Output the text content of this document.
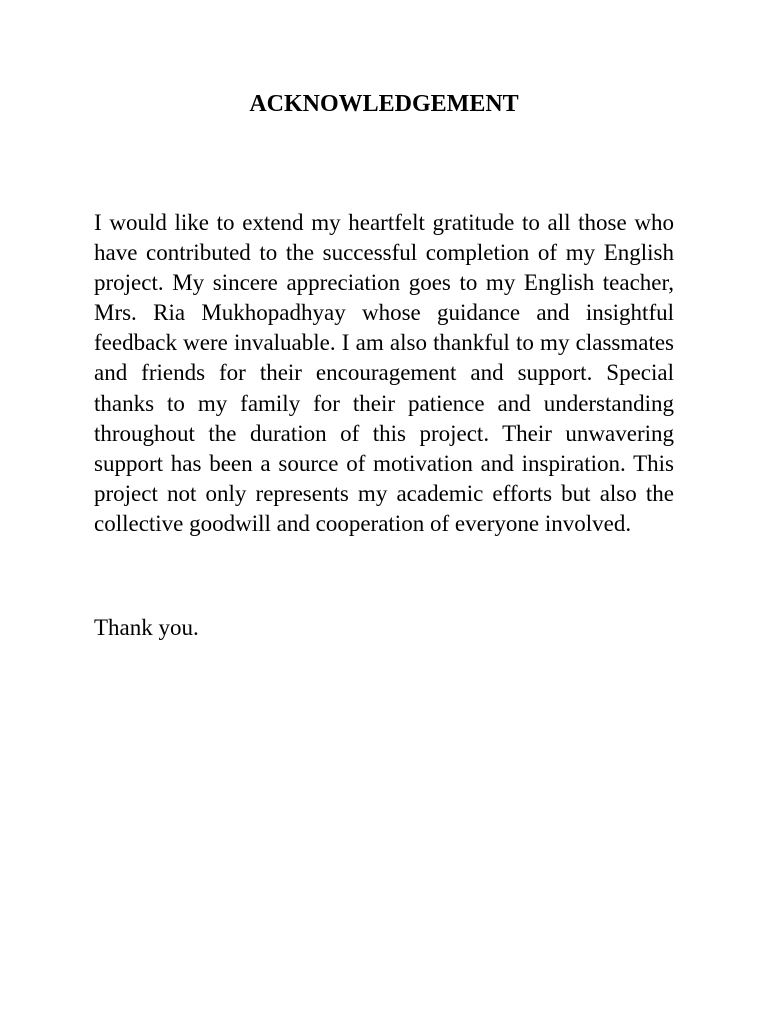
ACKNOWLEDGEMENT

I would like to extend my heartfelt gratitude to all those who have contributed to the successful completion of my English project. My sincere appreciation goes to my English teacher,  Mrs. Ria Mukhopadhyay whose guidance and insightful feedback were invaluable. I am also thankful to my classmates and friends for their encouragement and support. Special thanks to my family for their patience and understanding throughout the duration of this project. Their unwavering support has been a source of motivation and inspiration. This project not only represents my academic efforts but also the collective goodwill and cooperation of everyone involved.

Thank you.
